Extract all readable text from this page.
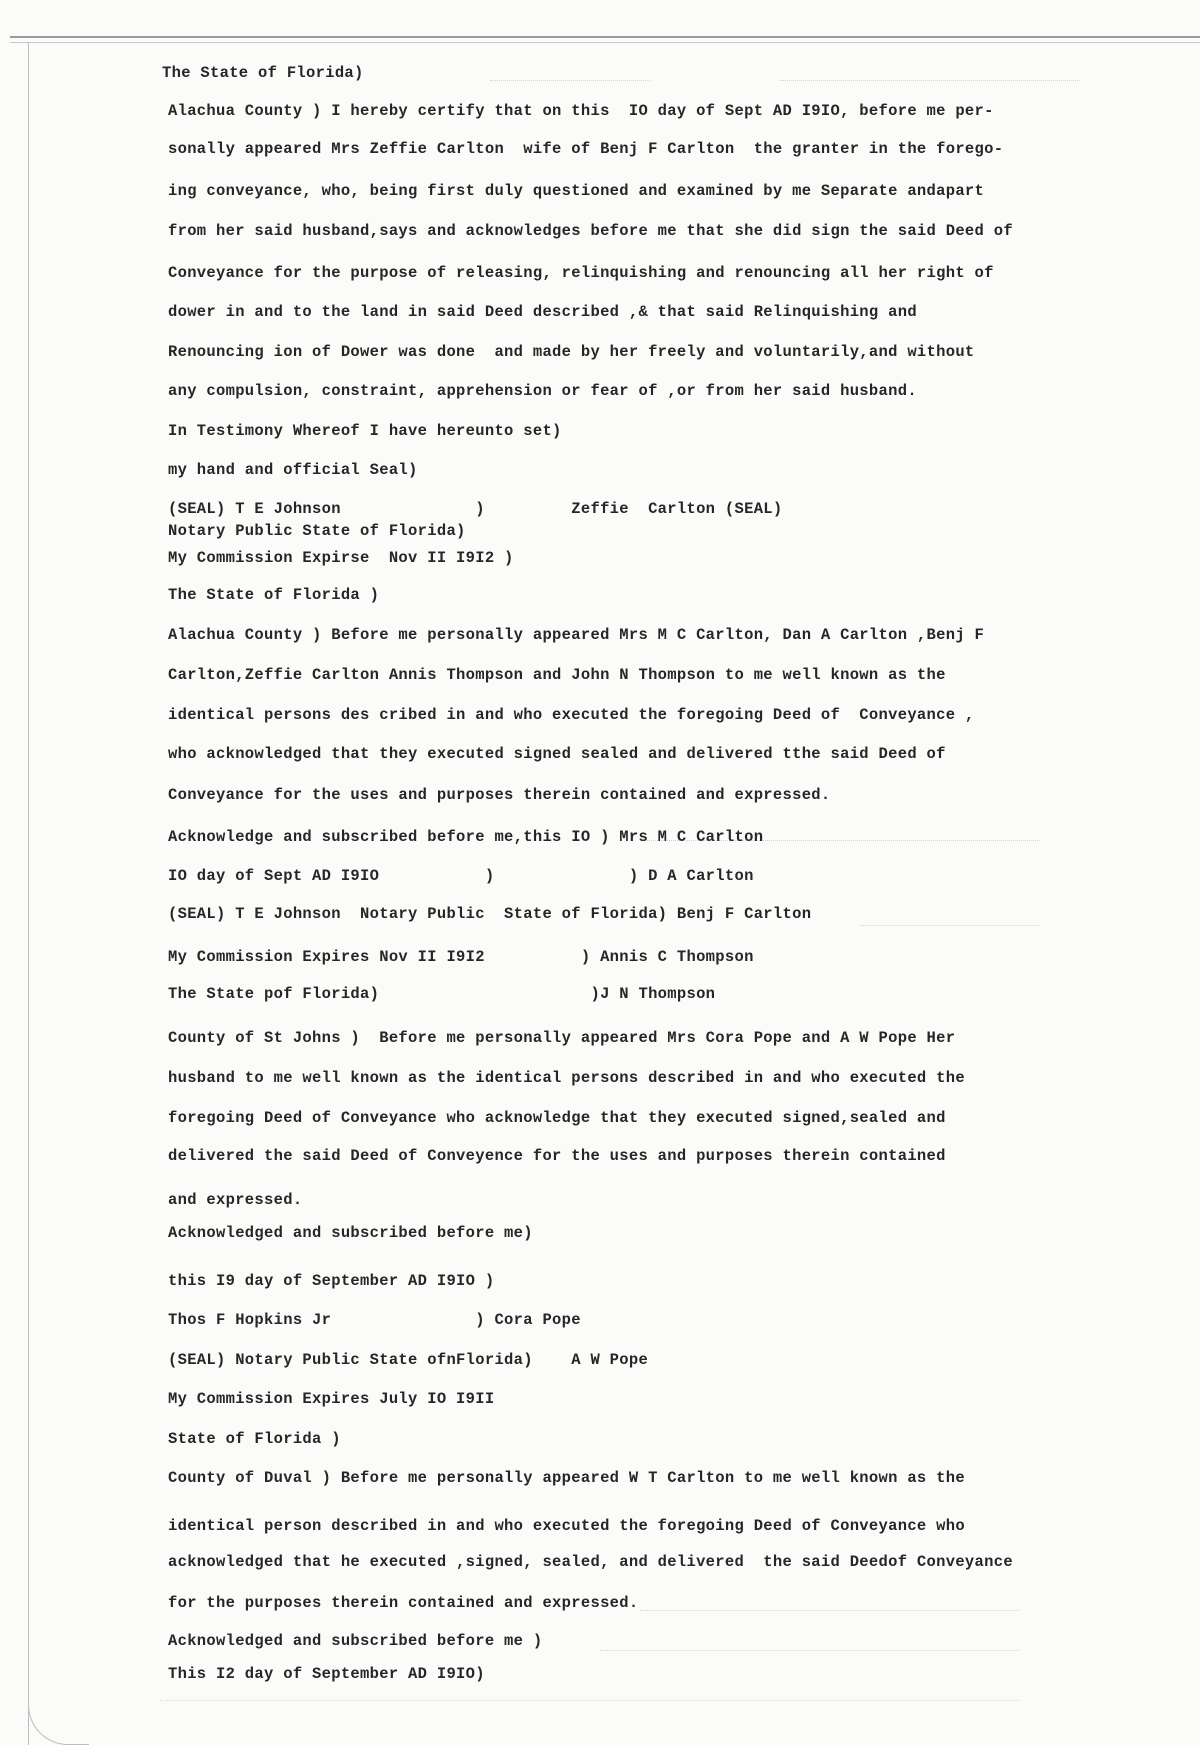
The State of Florida)
Alachua County ) I hereby certify that on this  IO day of Sept AD I9IO, before me per-
sonally appeared Mrs Zeffie Carlton  wife of Benj F Carlton  the granter in the forego-
ing conveyance, who, being first duly questioned and examined by me Separate andapart
from her said husband,says and acknowledges before me that she did sign the said Deed of
Conveyance for the purpose of releasing, relinquishing and renouncing all her right of
dower in and to the land in said Deed described ,& that said Relinquishing and
Renouncing ion of Dower was done  and made by her freely and voluntarily,and without
any compulsion, constraint, apprehension or fear of ,or from her said husband.
In Testimony Whereof I have hereunto set)
my hand and official Seal)
(SEAL) T E Johnson              )         Zeffie  Carlton (SEAL)
Notary Public State of Florida)
My Commission Expirse  Nov II I9I2 )
The State of Florida )
Alachua County ) Before me personally appeared Mrs M C Carlton, Dan A Carlton ,Benj F
Carlton,Zeffie Carlton Annis Thompson and John N Thompson to me well known as the
identical persons des cribed in and who executed the foregoing Deed of  Conveyance ,
who acknowledged that they executed signed sealed and delivered tthe said Deed of
Conveyance for the uses and purposes therein contained and expressed.
Acknowledge and subscribed before me,this IO ) Mrs M C Carlton
IO day of Sept AD I9IO           )              ) D A Carlton
(SEAL) T E Johnson  Notary Public  State of Florida) Benj F Carlton
My Commission Expires Nov II I9I2          ) Annis C Thompson
The State pof Florida)                      )J N Thompson
County of St Johns )  Before me personally appeared Mrs Cora Pope and A W Pope Her
husband to me well known as the identical persons described in and who executed the
foregoing Deed of Conveyance who acknowledge that they executed signed,sealed and
delivered the said Deed of Conveyence for the uses and purposes therein contained
and expressed.
Acknowledged and subscribed before me)
this I9 day of September AD I9IO )
Thos F Hopkins Jr               ) Cora Pope
(SEAL) Notary Public State ofnFlorida)    A W Pope
My Commission Expires July IO I9II
State of Florida )
County of Duval ) Before me personally appeared W T Carlton to me well known as the
identical person described in and who executed the foregoing Deed of Conveyance who
acknowledged that he executed ,signed, sealed, and delivered  the said Deedof Conveyance
for the purposes therein contained and expressed.
Acknowledged and subscribed before me )
This I2 day of September AD I9IO)
